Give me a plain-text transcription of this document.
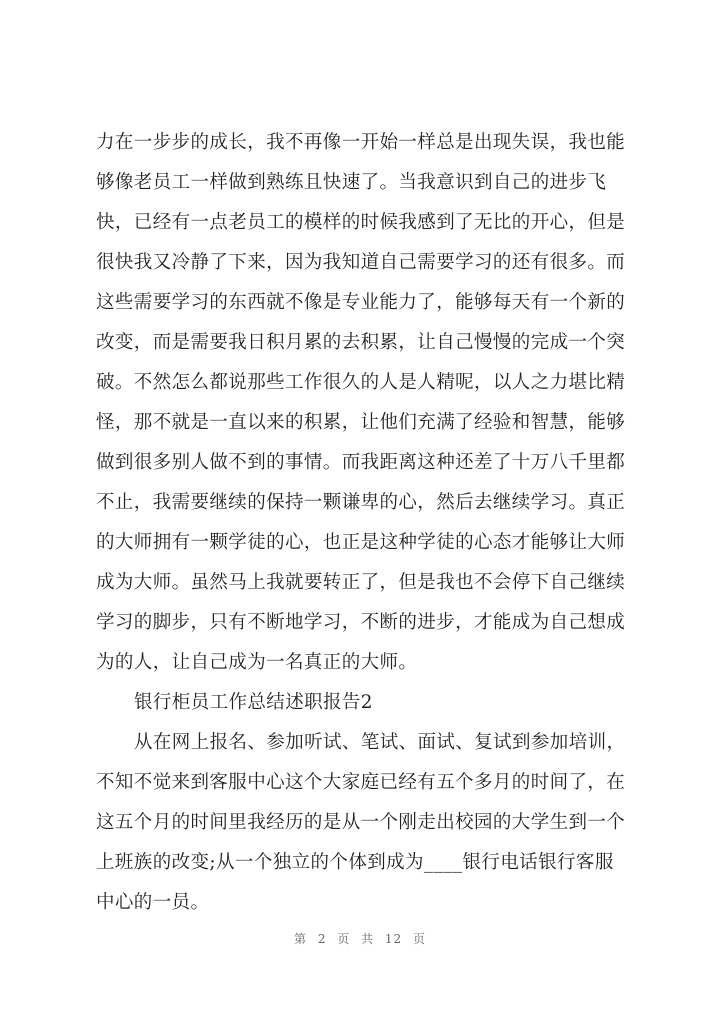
力在一步步的成长，我不再像一开始一样总是出现失误，我也能
够像老员工一样做到熟练且快速了。当我意识到自己的进步飞
快，已经有一点老员工的模样的时候我感到了无比的开心，但是
很快我又冷静了下来，因为我知道自己需要学习的还有很多。而
这些需要学习的东西就不像是专业能力了，能够每天有一个新的
改变，而是需要我日积月累的去积累，让自己慢慢的完成一个突
破。不然怎么都说那些工作很久的人是人精呢，以人之力堪比精
怪，那不就是一直以来的积累，让他们充满了经验和智慧，能够
做到很多别人做不到的事情。而我距离这种还差了十万八千里都
不止，我需要继续的保持一颗谦卑的心，然后去继续学习。真正
的大师拥有一颗学徒的心，也正是这种学徒的心态才能够让大师
成为大师。虽然马上我就要转正了，但是我也不会停下自己继续
学习的脚步，只有不断地学习，不断的进步，才能成为自己想成
为的人，让自己成为一名真正的大师。
银行柜员工作总结述职报告2
从在网上报名、参加听试、笔试、面试、复试到参加培训，
不知不觉来到客服中心这个大家庭已经有五个多月的时间了，在
这五个月的时间里我经历的是从一个刚走出校园的大学生到一个
上班族的改变;从一个独立的个体到成为____银行电话银行客服
中心的一员。
第 2 页 共 12 页
